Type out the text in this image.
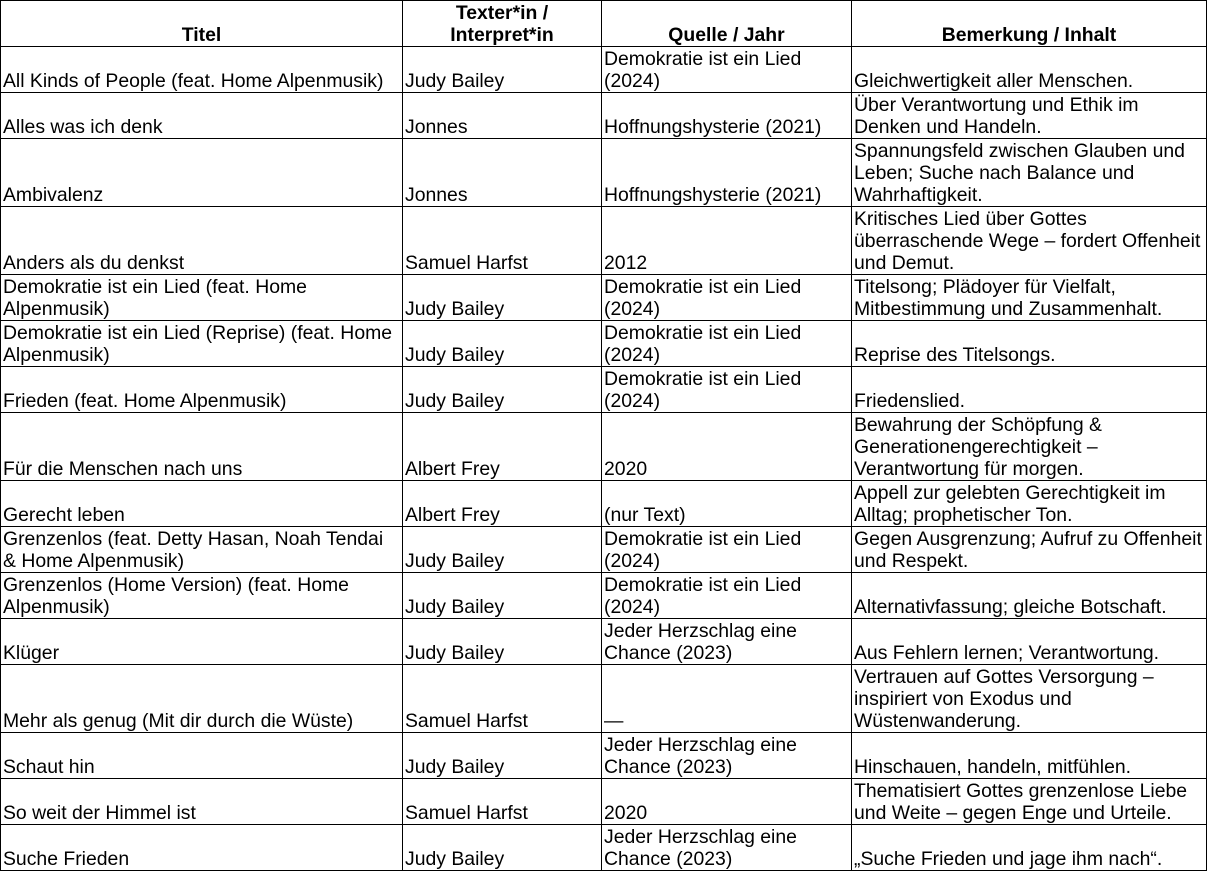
Titel	Texter*in / Interpret*in	Quelle / Jahr	Bemerkung / Inhalt
All Kinds of People (feat. Home Alpenmusik)	Judy Bailey	Demokratie ist ein Lied (2024)	Gleichwertigkeit aller Menschen.
Alles was ich denk	Jonnes	Hoffnungshysterie (2021)	Über Verantwortung und Ethik im Denken und Handeln.
Ambivalenz	Jonnes	Hoffnungshysterie (2021)	Spannungsfeld zwischen Glauben und Leben; Suche nach Balance und Wahrhaftigkeit.
Anders als du denkst	Samuel Harfst	2012	Kritisches Lied über Gottes überraschende Wege – fordert Offenheit und Demut.
Demokratie ist ein Lied (feat. Home Alpenmusik)	Judy Bailey	Demokratie ist ein Lied (2024)	Titelsong; Plädoyer für Vielfalt, Mitbestimmung und Zusammenhalt.
Demokratie ist ein Lied (Reprise) (feat. Home Alpenmusik)	Judy Bailey	Demokratie ist ein Lied (2024)	Reprise des Titelsongs.
Frieden (feat. Home Alpenmusik)	Judy Bailey	Demokratie ist ein Lied (2024)	Friedenslied.
Für die Menschen nach uns	Albert Frey	2020	Bewahrung der Schöpfung & Generationengerechtigkeit – Verantwortung für morgen.
Gerecht leben	Albert Frey	(nur Text)	Appell zur gelebten Gerechtigkeit im Alltag; prophetischer Ton.
Grenzenlos (feat. Detty Hasan, Noah Tendai & Home Alpenmusik)	Judy Bailey	Demokratie ist ein Lied (2024)	Gegen Ausgrenzung; Aufruf zu Offenheit und Respekt.
Grenzenlos (Home Version) (feat. Home Alpenmusik)	Judy Bailey	Demokratie ist ein Lied (2024)	Alternativfassung; gleiche Botschaft.
Klüger	Judy Bailey	Jeder Herzschlag eine Chance (2023)	Aus Fehlern lernen; Verantwortung.
Mehr als genug (Mit dir durch die Wüste)	Samuel Harfst	—	Vertrauen auf Gottes Versorgung – inspiriert von Exodus und Wüstenwanderung.
Schaut hin	Judy Bailey	Jeder Herzschlag eine Chance (2023)	Hinschauen, handeln, mitfühlen.
So weit der Himmel ist	Samuel Harfst	2020	Thematisiert Gottes grenzenlose Liebe und Weite – gegen Enge und Urteile.
Suche Frieden	Judy Bailey	Jeder Herzschlag eine Chance (2023)	„Suche Frieden und jage ihm nach“.
